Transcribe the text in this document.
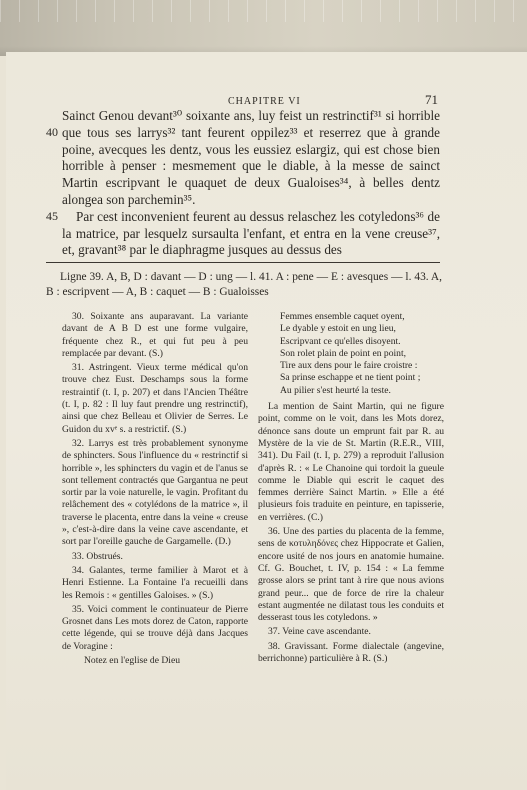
CHAPITRE VI	71
40
45

Sainct Genou devant³⁰ soixante ans, luy feist un restrinctif³¹ si horrible que tous ses larrys³² tant feurent oppilez³³ et reserrez que à grande poine, avecques les dentz, vous les eussiez eslargiz, qui est chose bien horrible à penser : mesmement que le diable, à la messe de sainct Martin escripvant le quaquet de deux Gualoises³⁴, à belles dentz alongea son parchemin³⁵.

Par cest inconvenient feurent au dessus relaschez les cotyledons³⁶ de la matrice, par lesquelz sursaulta l'enfant, et entra en la vene creuse³⁷, et, gravant³⁸ par le diaphragme jusques au dessus des

Ligne 39. A, B, D : davant — D : ung — l. 41. A : pene — E : avesques — l. 43. A, B : escripvent — A, B : caquet — B : Gualoisses

30. Soixante ans auparavant. La variante davant de A B D est une forme vulgaire, fréquente chez R., et qui fut peu à peu remplacée par devant. (S.)

31. Astringent. Vieux terme médical qu'on trouve chez Eust. Deschamps sous la forme restraintif (t. I, p. 207) et dans l'Ancien Théâtre (t. I, p. 82 : Il luy faut prendre ung restrinctif), ainsi que chez Belleau et Olivier de Serres. Le Guidon du xvᵉ s. a restrictif. (S.)

32. Larrys est très probablement synonyme de sphincters. Sous l'influence du « restrinctif si horrible », les sphincters du vagin et de l'anus se sont tellement contractés que Gargantua ne peut sortir par la voie naturelle, le vagin. Profitant du relâchement des « cotylédons de la matrice », il traverse le placenta, entre dans la veine « creuse », c'est-à-dire dans la veine cave ascendante, et sort par l'oreille gauche de Gargamelle. (D.)

33. Obstrués.

34. Galantes, terme familier à Marot et à Henri Estienne. La Fontaine l'a recueilli dans les Remois : « gentilles Galoises. » (S.)

35. Voici comment le continuateur de Pierre Grosnet dans Les mots dorez de Caton, rapporte cette légende, qui se trouve déjà dans Jacques de Voragine :

Notez en l'eglise de Dieu

Femmes ensemble caquet oyent,
Le dyable y estoit en ung lieu,
Escripvant ce qu'elles disoyent.
Son rolet plain de point en point,
Tire aux dens pour le faire croistre :
Sa prinse eschappe et ne tient point ;
Au pilier s'est heurté la teste.

La mention de Saint Martin, qui ne figure point, comme on le voit, dans les Mots dorez, dénonce sans doute un emprunt fait par R. au Mystère de la vie de St. Martin (R.E.R., VIII, 341). Du Fail (t. I, p. 279) a reproduit l'allusion d'après R. : « Le Chanoine qui tordoit la gueule comme le Diable qui escrit le caquet des femmes derrière Sainct Martin. » Elle a été plusieurs fois traduite en peinture, en tapisserie, en verrières. (C.)

36. Une des parties du placenta de la femme, sens de κοτυληδόνες chez Hippocrate et Galien, encore usité de nos jours en anatomie humaine. Cf. G. Bouchet, t. IV, p. 154 : « La femme grosse alors se print tant à rire que nous avions grand peur... que de force de rire la chaleur estant augmentée ne dilatast tous les conduits et desserast tous les cotyledons. »

37. Veine cave ascendante.

38. Gravissant. Forme dialectale (angevine, berrichonne) particulière à R. (S.)
